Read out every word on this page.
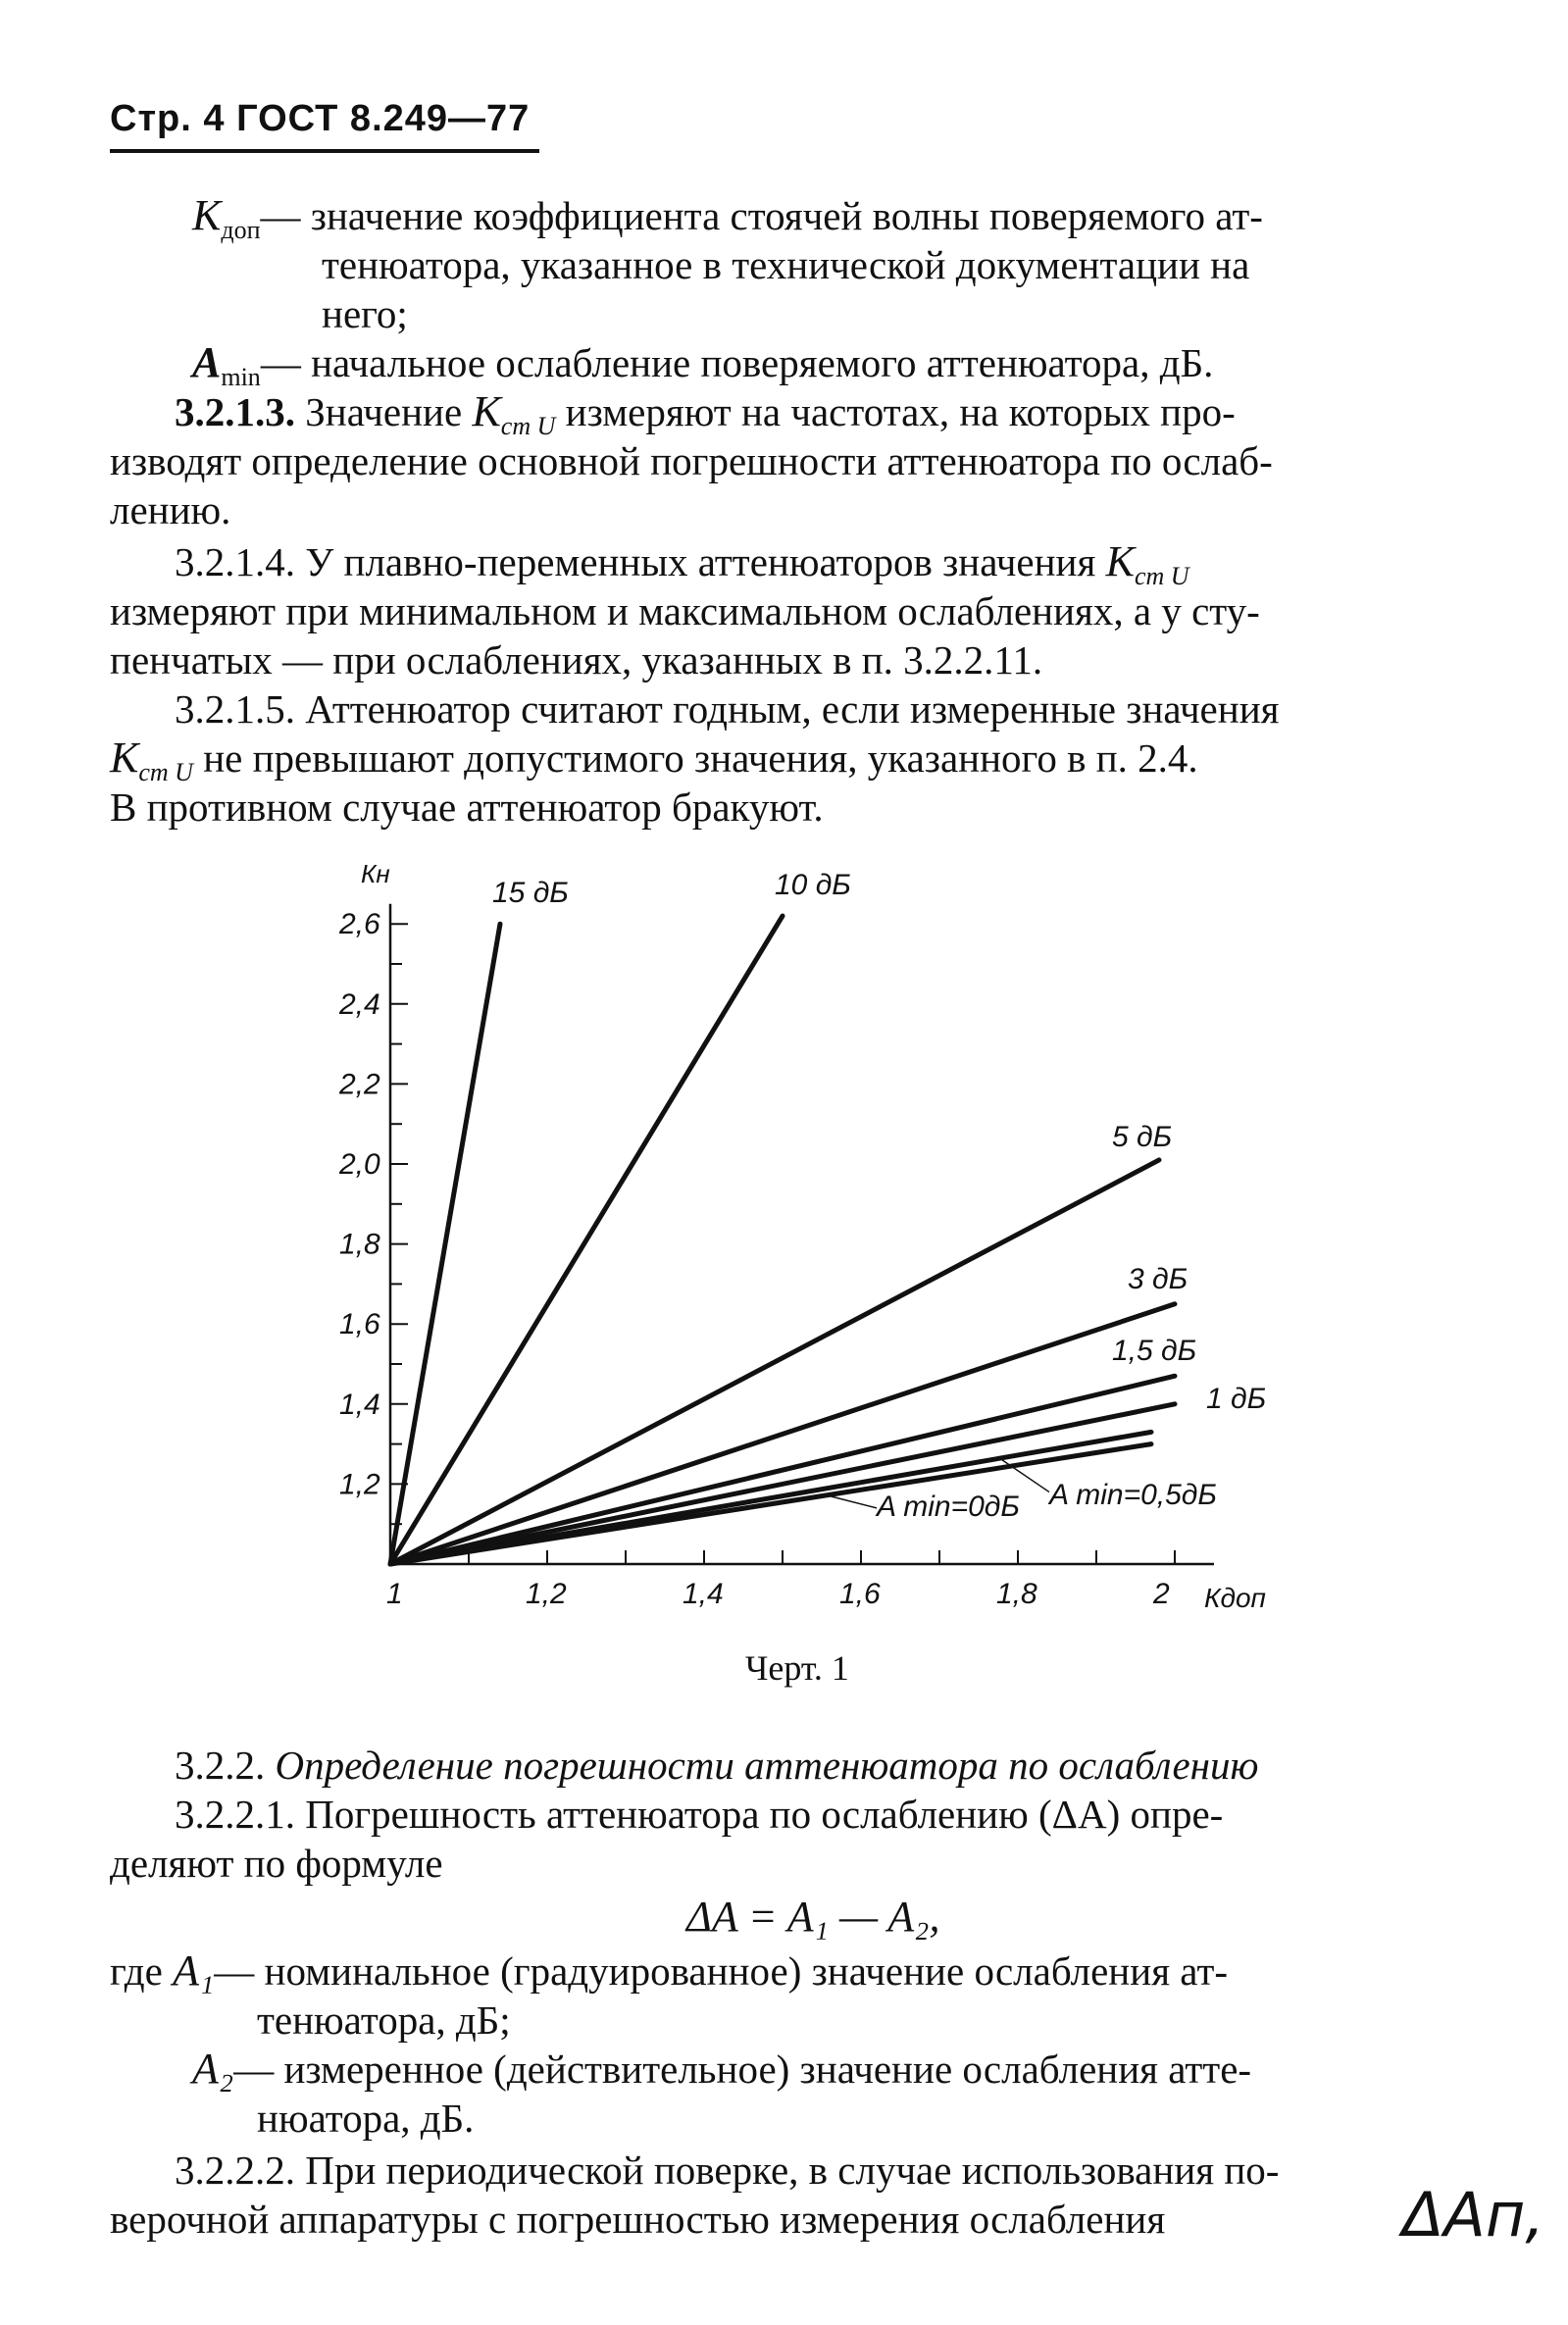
Стр. 4 ГОСТ 8.249—77
$K_{доп}—$ значение коэффициента стоячей волны поверяемого ат-
тенюатора, указанное в технической документации на
него;
$A_{min}—$ начальное ослабление поверяемого аттенюатора, дБ.
3.2.1.3. Значение $K_{ст U}$ измеряют на частотах, на которых про-
изводят определение основной погрешности аттенюатора по ослаб-
лению.
3.2.1.4. У плавно-переменных аттенюаторов значения $K_{ст U}$
измеряют при минимальном и максимальном ослаблениях, а у сту-
пенчатых — при ослаблениях, указанных в п. 3.2.2.11.
3.2.1.5. Аттенюатор считают годным, если измеренные значения
$K_{ст U}$ не превышают допустимого значения, указанного в п. 2.4.
В противном случае аттенюатор бракуют.
1,2
1,4
1,6
1,8
2,0
2,2
2,4
2,6
1	1,2	1,4	1,6	1,8	2
Кн
Кдоп
15 дБ	10 дБ
5 дБ
3 дБ
1,5 дБ
1 дБ
A min=0дБ A min=0,5дБ
Черт. 1
3.2.2. Определение погрешности аттенюатора по ослаблению
3.2.2.1. Погрешность аттенюатора по ослаблению (ΔA) опре-
деляют по формуле
ΔA = A₁ — A₂,
где A₁— номинальное (градуированное) значение ослабления ат-
тенюатора, дБ;
A₂— измеренное (действительное) значение ослабления атте-
нюатора, дБ.
3.2.2.2. При периодической поверке, в случае использования по-
верочной аппаратуры с погрешностью измерения ослабления	ΔAп,
